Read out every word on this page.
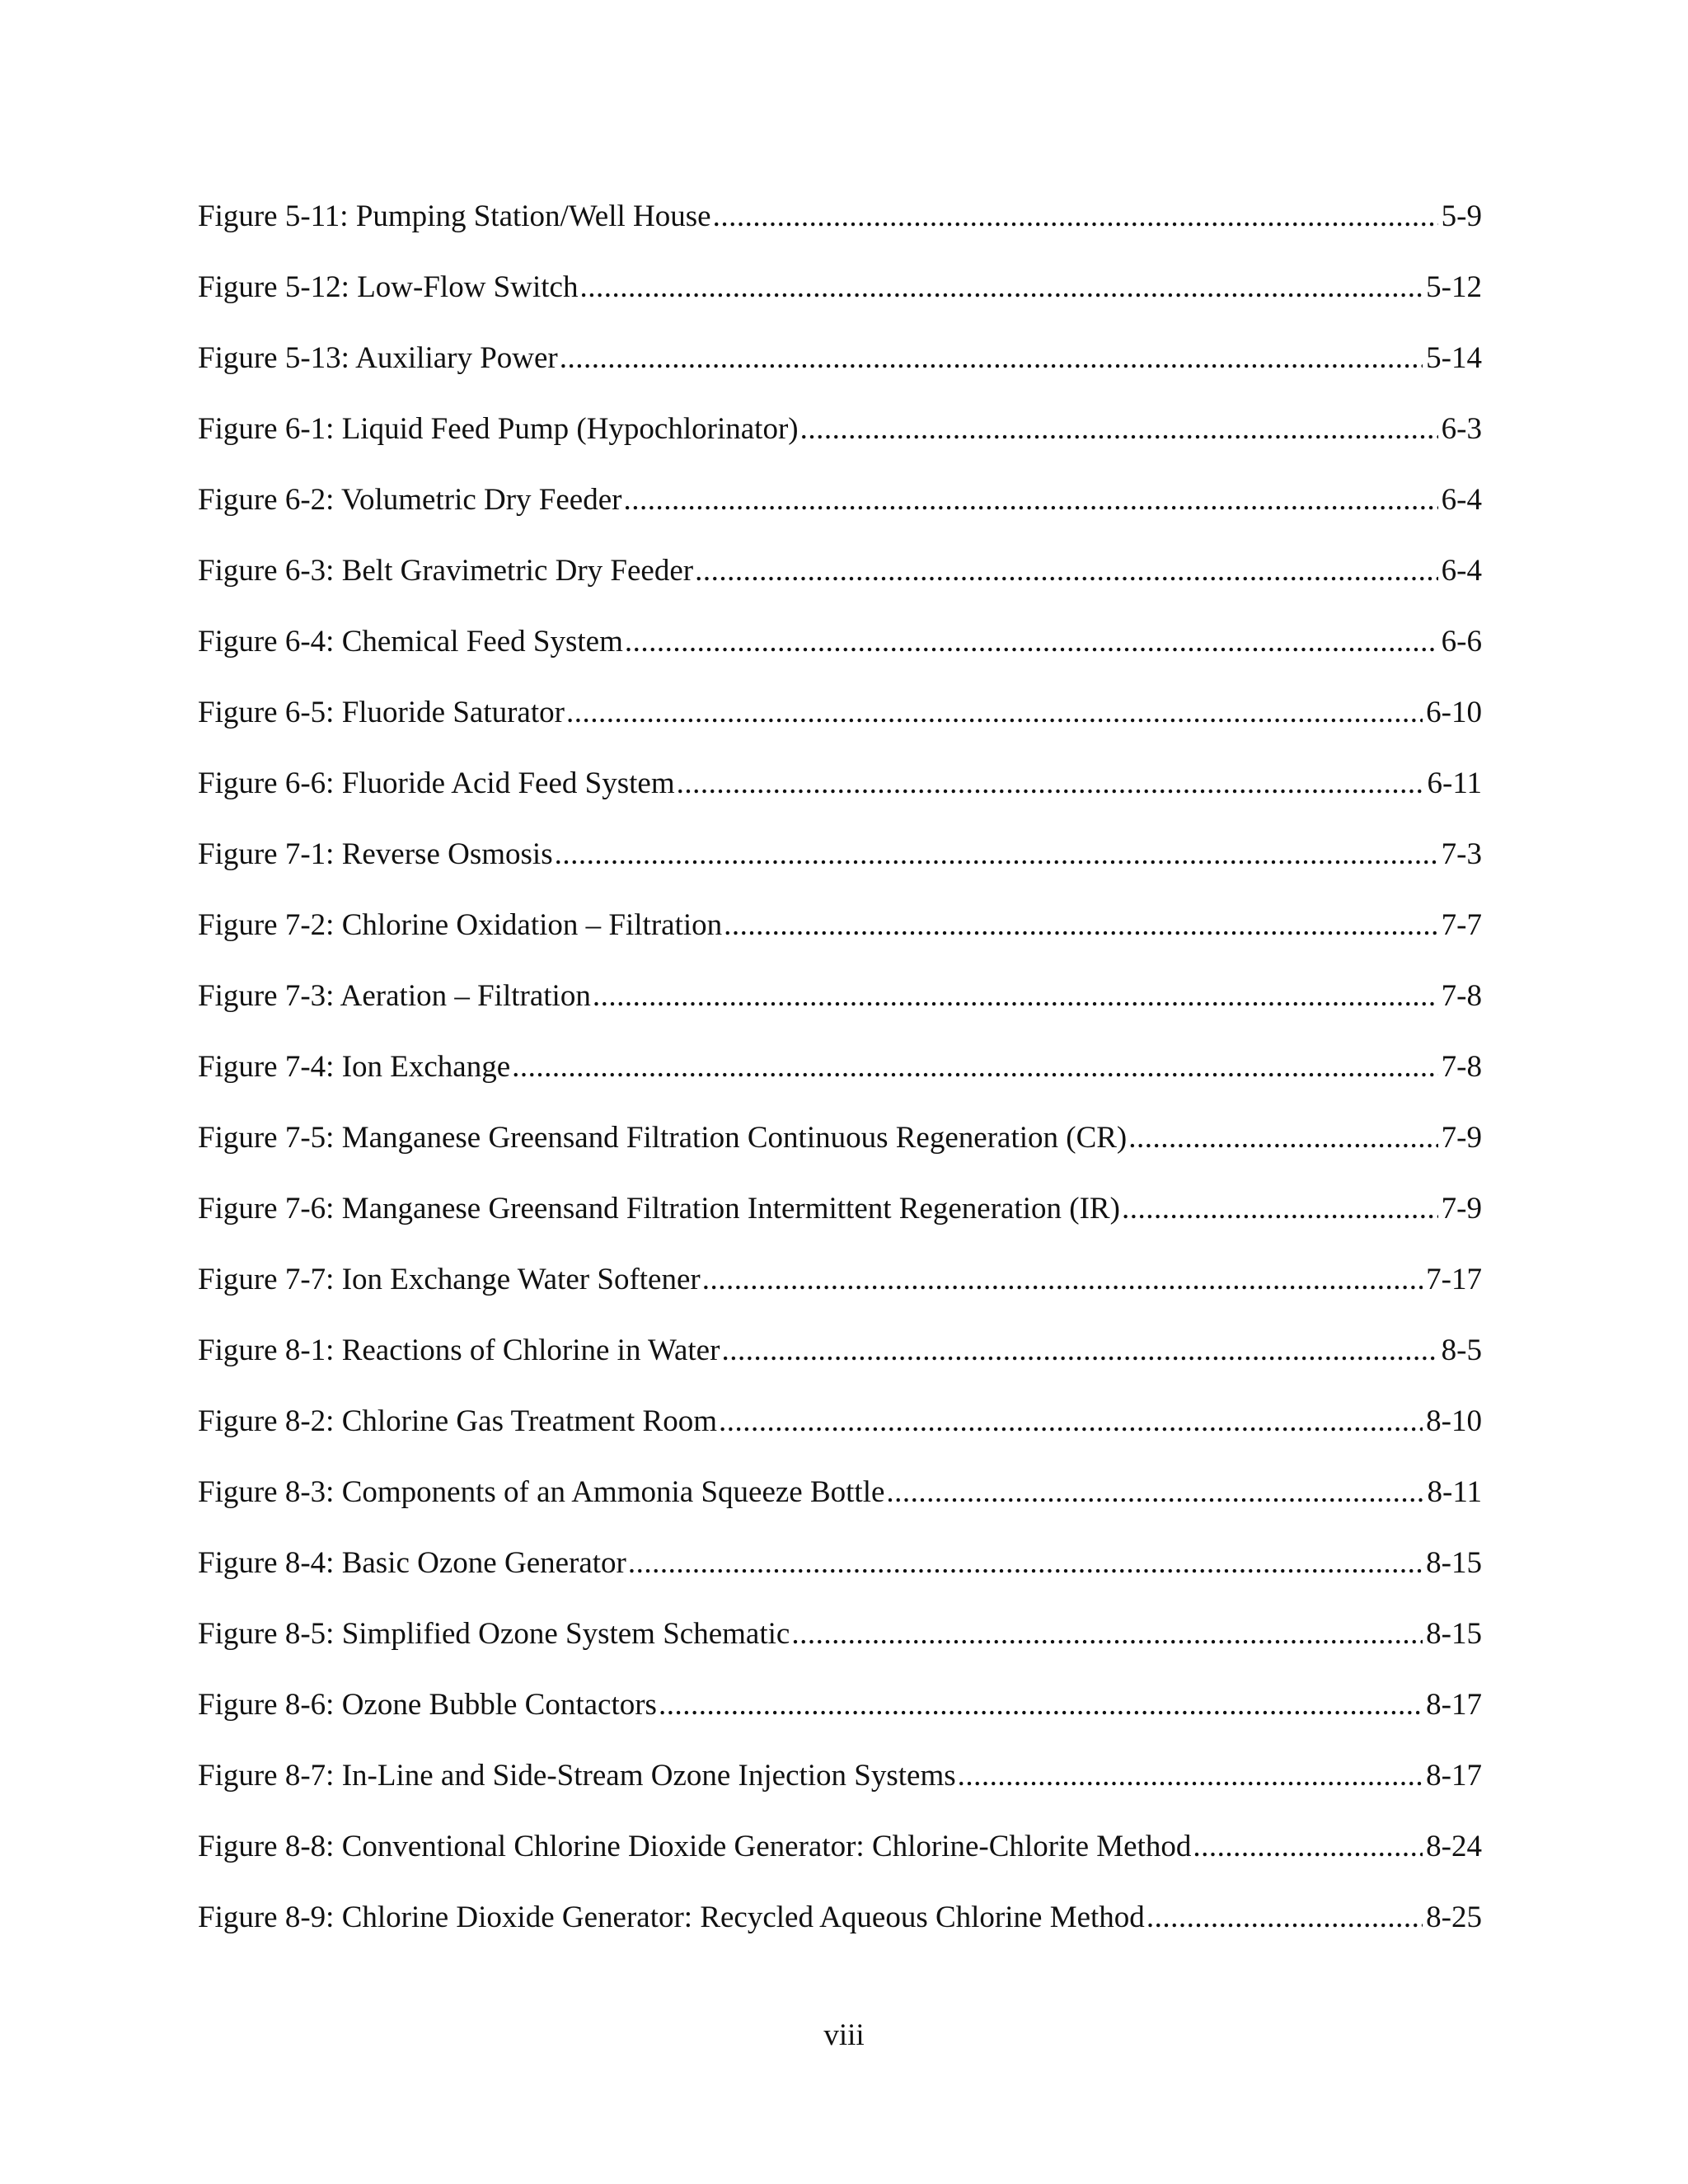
Figure 5-11: Pumping Station/Well House .....	5-9
Figure 5-12: Low-Flow Switch .....	5-12
Figure 5-13: Auxiliary Power .....	5-14
Figure 6-1: Liquid Feed Pump (Hypochlorinator) .....	6-3
Figure 6-2: Volumetric Dry Feeder .....	6-4
Figure 6-3: Belt Gravimetric Dry Feeder .....	6-4
Figure 6-4: Chemical Feed System .....	6-6
Figure 6-5: Fluoride Saturator .....	6-10
Figure 6-6: Fluoride Acid Feed System .....	6-11
Figure 7-1: Reverse Osmosis .....	7-3
Figure 7-2: Chlorine Oxidation – Filtration .....	7-7
Figure 7-3: Aeration – Filtration .....	7-8
Figure 7-4: Ion Exchange .....	7-8
Figure 7-5: Manganese Greensand Filtration Continuous Regeneration (CR) .....	7-9
Figure 7-6: Manganese Greensand Filtration Intermittent Regeneration (IR) .....	7-9
Figure 7-7: Ion Exchange Water Softener .....	7-17
Figure 8-1: Reactions of Chlorine in Water .....	8-5
Figure 8-2: Chlorine Gas Treatment Room .....	8-10
Figure 8-3: Components of an Ammonia Squeeze Bottle .....	8-11
Figure 8-4: Basic Ozone Generator .....	8-15
Figure 8-5: Simplified Ozone System Schematic .....	8-15
Figure 8-6: Ozone Bubble Contactors .....	8-17
Figure 8-7: In-Line and Side-Stream Ozone Injection Systems .....	8-17
Figure 8-8: Conventional Chlorine Dioxide Generator: Chlorine-Chlorite Method .....	8-24
Figure 8-9: Chlorine Dioxide Generator: Recycled Aqueous Chlorine Method .....	8-25
viii
